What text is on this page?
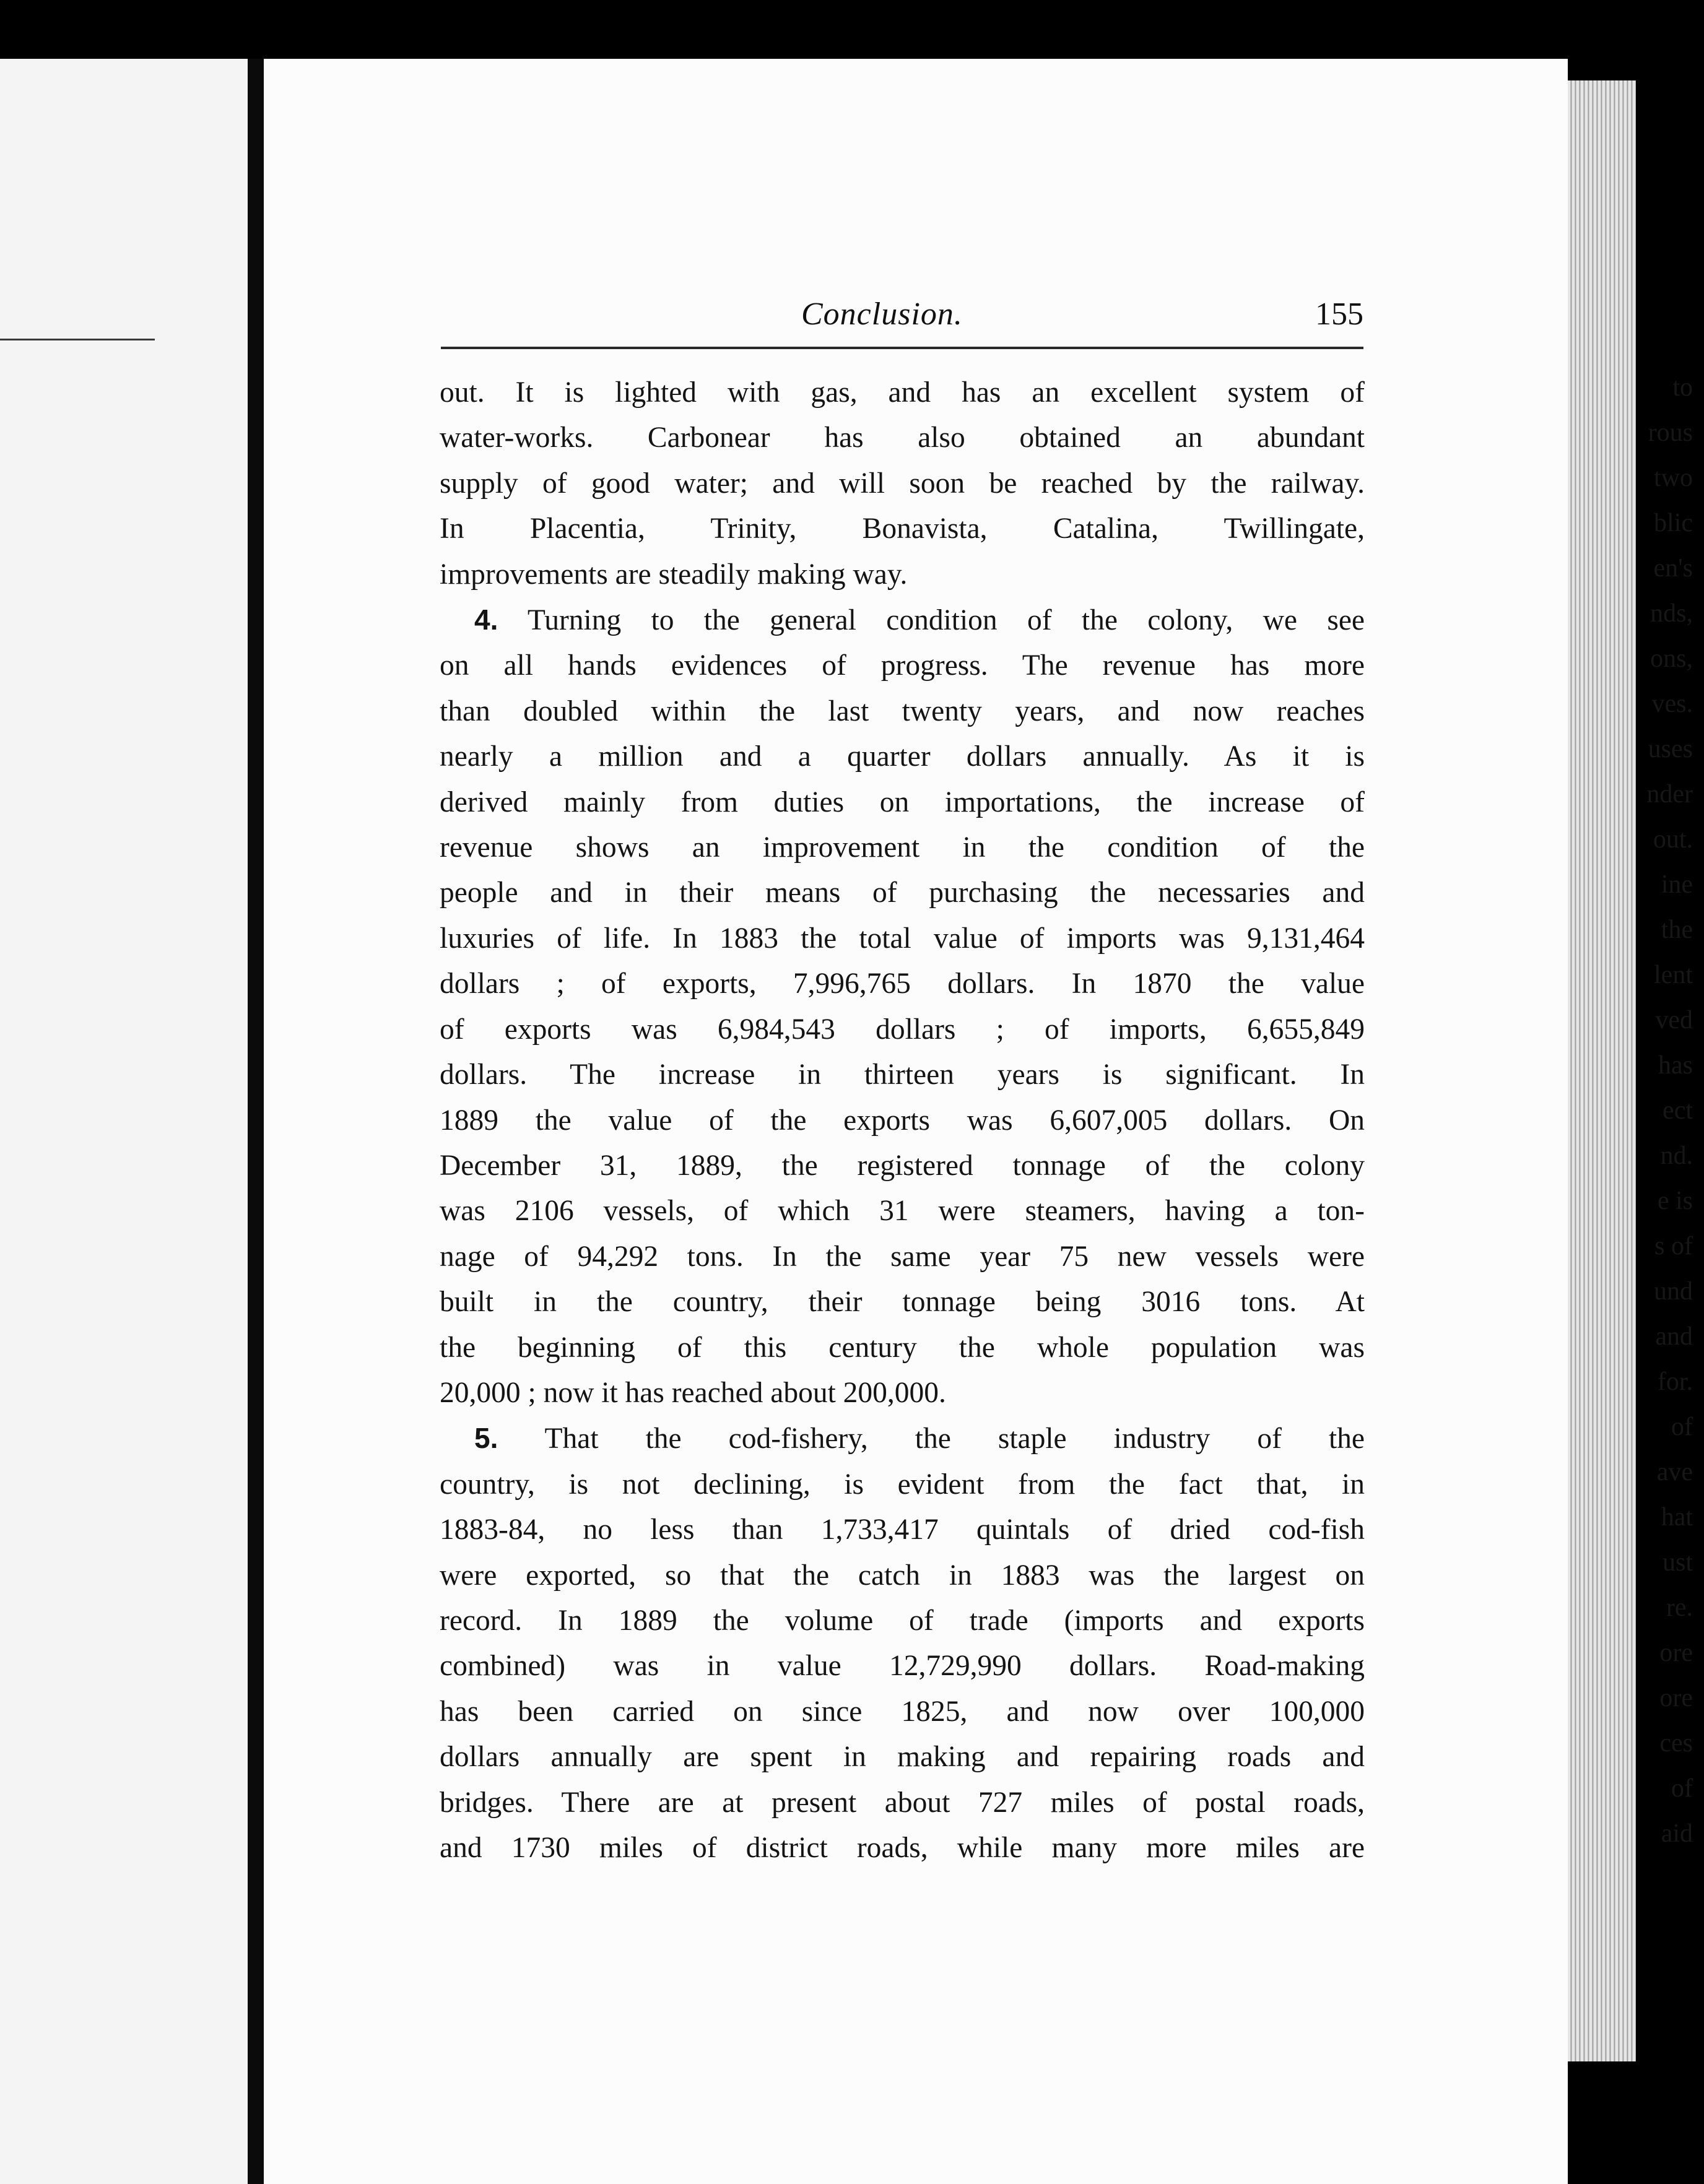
to
rous
two
blic
en's
nds,
ons,
ves.
uses
nder
out.
ine
the
lent
ved
has
ect
nd.
e is
s of
und
and
for.
of
ave
hat
ust
re.
ore
ore
ces
of
aid
Conclusion.	155
out. It is lighted with gas, and has an excellent system of
water-works. Carbonear has also obtained an abundant
supply of good water; and will soon be reached by the railway.
In Placentia, Trinity, Bonavista, Catalina, Twillingate,
improvements are steadily making way.
4. Turning to the general condition of the colony, we see
on all hands evidences of progress. The revenue has more
than doubled within the last twenty years, and now reaches
nearly a million and a quarter dollars annually. As it is
derived mainly from duties on importations, the increase of
revenue shows an improvement in the condition of the
people and in their means of purchasing the necessaries and
luxuries of life. In 1883 the total value of imports was 9,131,464
dollars ; of exports, 7,996,765 dollars. In 1870 the value
of exports was 6,984,543 dollars ; of imports, 6,655,849
dollars. The increase in thirteen years is significant. In
1889 the value of the exports was 6,607,005 dollars. On
December 31, 1889, the registered tonnage of the colony
was 2106 vessels, of which 31 were steamers, having a ton-
nage of 94,292 tons. In the same year 75 new vessels were
built in the country, their tonnage being 3016 tons. At
the beginning of this century the whole population was
20,000 ; now it has reached about 200,000.
5. That the cod-fishery, the staple industry of the
country, is not declining, is evident from the fact that, in
1883-84, no less than 1,733,417 quintals of dried cod-fish
were exported, so that the catch in 1883 was the largest on
record. In 1889 the volume of trade (imports and exports
combined) was in value 12,729,990 dollars. Road-making
has been carried on since 1825, and now over 100,000
dollars annually are spent in making and repairing roads and
bridges. There are at present about 727 miles of postal roads,
and 1730 miles of district roads, while many more miles are
